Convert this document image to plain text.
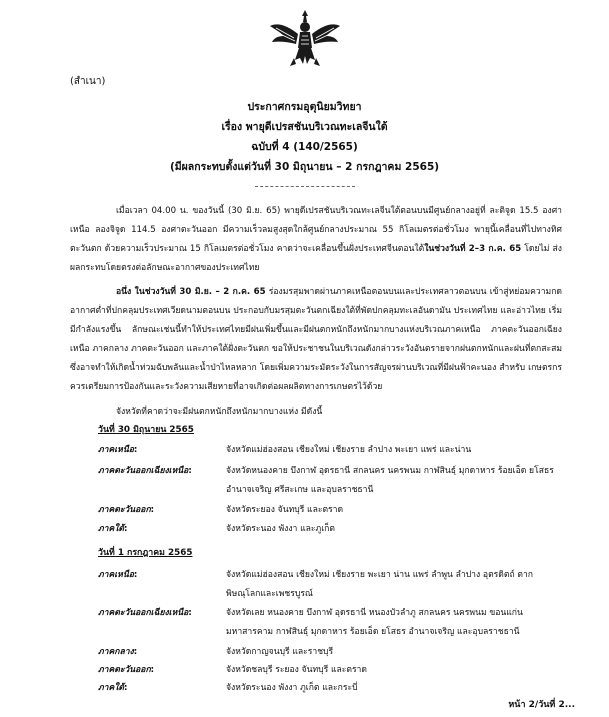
(สำเนา)
ประกาศกรมอุตุนิยมวิทยา
เรื่อง พายุดีเปรสชันบริเวณทะเลจีนใต้
ฉบับที่ 4 (140/2565)
(มีผลกระทบตั้งแต่วันที่ 30 มิถุนายน – 2 กรกฎาคม 2565)
เมื่อเวลา 04.00 น. ของวันนี้ (30 มิ.ย. 65) พายุดีเปรสชันบริเวณทะเลจีนใต้ตอนบนมีศูนย์กลางอยู่ที่ ละติจูด 15.5 องศา เหนือ ลองจิจูด 114.5 องศาตะวันออก มีความเร็วลมสูงสุดใกล้ศูนย์กลางประมาณ 55 กิโลเมตรต่อชั่วโมง พายุนี้เคลื่อนที่ไปทางทิศ ตะวันตก ด้วยความเร็วประมาณ 15 กิโลเมตรต่อชั่วโมง คาดว่าจะเคลื่อนขึ้นฝั่งประเทศจีนตอนใต้ในช่วงวันที่ 2–3 ก.ค. 65 โดยไม่ ส่งผลกระทบโดยตรงต่อลักษณะอากาศของประเทศไทย
อนึ่ง ในช่วงวันที่ 30 มิ.ย. – 2 ก.ค. 65 ร่องมรสุมพาดผ่านภาคเหนือตอนบนและประเทศลาวตอนบน เข้าสู่หย่อมความกด อากาศต่ำที่ปกคลุมประเทศเวียดนามตอนบน ประกอบกับมรสุมตะวันตกเฉียงใต้ที่พัดปกคลุมทะเลอันดามัน ประเทศไทย และอ่าวไทย เริ่มมีกำลังแรงขึ้น ลักษณะเช่นนี้ทำให้ประเทศไทยมีฝนเพิ่มขึ้นและมีฝนตกหนักถึงหนักมากบางแห่งบริเวณภาคเหนือ ภาคตะวันออกเฉียงเหนือ ภาคกลาง ภาคตะวันออก และภาคใต้ฝั่งตะวันตก ขอให้ประชาชนในบริเวณดังกล่าวระวังอันตรายจากฝนตกหนักและฝนที่ตกสะสม ซึ่งอาจทำให้เกิดน้ำท่วมฉับพลันและน้ำป่าไหลหลาก โดยเพิ่มความระมัดระวังในการสัญจรผ่านบริเวณที่มีฝนฟ้าคะนอง สำหรับ เกษตรกรควรเตรียมการป้องกันและระวังความเสียหายที่อาจเกิดต่อผลผลิตทางการเกษตรไว้ด้วย
จังหวัดที่คาดว่าจะมีฝนตกหนักถึงหนักมากบางแห่ง มีดังนี้
วันที่ 30 มิถุนายน 2565
ภาคเหนือ:	จังหวัดแม่ฮ่องสอน เชียงใหม่ เชียงราย ลำปาง พะเยา แพร่ และน่าน
ภาคตะวันออกเฉียงเหนือ:	จังหวัดหนองคาย บึงกาฬ อุดรธานี สกลนคร นครพนม กาฬสินธุ์ มุกดาหาร ร้อยเอ็ด ยโสธร
อำนาจเจริญ ศรีสะเกษ และอุบลราชธานี
ภาคตะวันออก:	จังหวัดระยอง จันทบุรี และตราด
ภาคใต้:	จังหวัดระนอง พังงา และภูเก็ต
วันที่ 1 กรกฎาคม 2565
ภาคเหนือ:	จังหวัดแม่ฮ่องสอน เชียงใหม่ เชียงราย พะเยา น่าน แพร่ ลำพูน ลำปาง อุตรดิตถ์ ตาก
พิษณุโลกและเพชรบูรณ์
ภาคตะวันออกเฉียงเหนือ:	จังหวัดเลย หนองคาย บึงกาฬ อุดรธานี หนองบัวลำภู สกลนคร นครพนม ขอนแก่น
มหาสารคาม กาฬสินธุ์ มุกดาหาร ร้อยเอ็ด ยโสธร อำนาจเจริญ และอุบลราชธานี
ภาคกลาง:	จังหวัดกาญจนบุรี และราชบุรี
ภาคตะวันออก:	จังหวัดชลบุรี ระยอง จันทบุรี และตราด
ภาคใต้:	จังหวัดระนอง พังงา ภูเก็ต และกระบี่
หน้า 2/วันที่ 2...
